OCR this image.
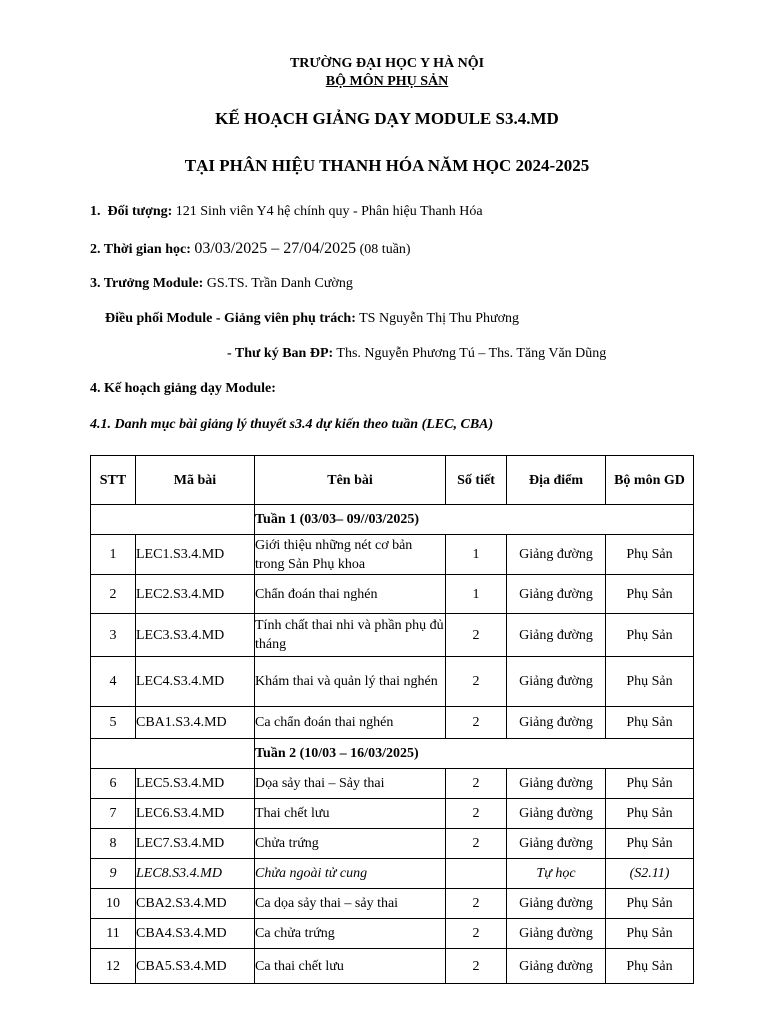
TRƯỜNG ĐẠI HỌC Y HÀ NỘI
BỘ MÔN PHỤ SẢN
KẾ HOẠCH GIẢNG DẠY MODULE S3.4.MD
TẠI PHÂN HIỆU THANH HÓA NĂM HỌC 2024-2025
1.  Đối tượng: 121 Sinh viên Y4 hệ chính quy - Phân hiệu Thanh Hóa
2. Thời gian học: 03/03/2025 – 27/04/2025 (08 tuần)
3. Trưởng Module: GS.TS. Trần Danh Cường
Điều phối Module - Giảng viên phụ trách: TS Nguyễn Thị Thu Phương
- Thư ký Ban ĐP: Ths. Nguyễn Phương Tú – Ths. Tăng Văn Dũng
4. Kế hoạch giảng dạy Module:
4.1. Danh mục bài giảng lý thuyết s3.4 dự kiến theo tuần (LEC, CBA)
STT	Mã bài	Tên bài	Số tiết	Địa điểm	Bộ môn GD
		Tuần 1 (03/03– 09//03/2025)			
1	LEC1.S3.4.MD	Giới thiệu những nét cơ bản trong Sản Phụ khoa	1	Giảng đường	Phụ Sản
2	LEC2.S3.4.MD	Chẩn đoán thai nghén	1	Giảng đường	Phụ Sản
3	LEC3.S3.4.MD	Tính chất thai nhi và phần phụ đủ tháng	2	Giảng đường	Phụ Sản
4	LEC4.S3.4.MD	Khám thai và quản lý thai nghén	2	Giảng đường	Phụ Sản
5	CBA1.S3.4.MD	Ca chẩn đoán thai nghén	2	Giảng đường	Phụ Sản
		Tuần 2 (10/03 – 16/03/2025)			
6	LEC5.S3.4.MD	Dọa sảy thai – Sảy thai	2	Giảng đường	Phụ Sản
7	LEC6.S3.4.MD	Thai chết lưu	2	Giảng đường	Phụ Sản
8	LEC7.S3.4.MD	Chửa trứng	2	Giảng đường	Phụ Sản
9	LEC8.S3.4.MD	Chửa ngoài tử cung		Tự học	(S2.11)
10	CBA2.S3.4.MD	Ca dọa sảy thai – sảy thai	2	Giảng đường	Phụ Sản
11	CBA4.S3.4.MD	Ca chửa trứng	2	Giảng đường	Phụ Sản
12	CBA5.S3.4.MD	Ca thai chết lưu	2	Giảng đường	Phụ Sản
